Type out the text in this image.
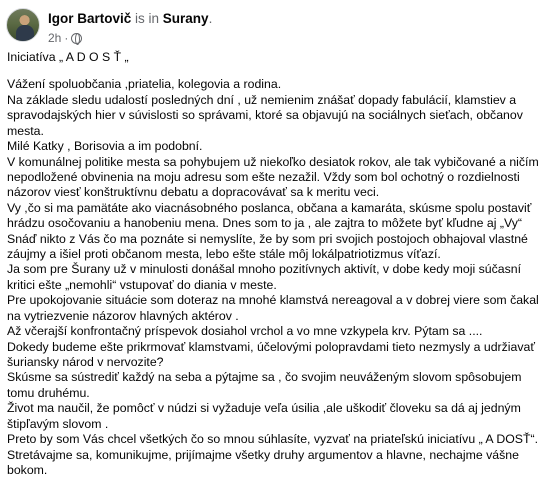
Igor Bartovič is in Surany.
2h ·

Iniciatíva „ A D O S Ť „

Vážení spoluobčania ,priatelia, kolegovia a rodina.

Na základe sledu udalostí posledných dní , už nemienim znášať dopady fabulácií, klamstiev a spravodajských hier v súvislosti so správami, ktoré sa objavujú na sociálnych sieťach, občanov mesta.

Milé Katky , Borisovia a im podobní.

V komunálnej politike mesta sa pohybujem už niekoľko desiatok rokov, ale tak vybičované a ničím nepodložené obvinenia na moju adresu som ešte nezažil. Vždy som bol ochotný o rozdielnosti názorov viesť konštruktívnu debatu a dopracovávať sa k meritu veci.

Vy ,čo si ma pamätáte ako viacnásobného poslanca, občana a kamaráta, skúsme spolu postaviť hrádzu osočovaniu a hanobeniu mena. Dnes som to ja , ale zajtra to môžete byť kľudne aj „Vy“ Snáď nikto z Vás čo ma poznáte si nemyslíte, že by som pri svojich postojoch obhajoval vlastné záujmy a išiel proti občanom mesta, lebo ešte stále môj lokálpatriotizmus víťazí.

Ja som pre Šurany už v minulosti donášal mnoho pozitívnych aktivít, v dobe kedy moji súčasní kritici ešte „nemohli“ vstupovať do diania v meste.

Pre upokojovanie situácie som doteraz na mnohé klamstvá nereagoval a v dobrej viere som čakal na vytriezvenie názorov hlavných aktérov .

Až včerajší konfrontačný príspevok dosiahol vrchol a vo mne vzkypela krv. Pýtam sa ....

Dokedy budeme ešte prikrmovať klamstvami, účelovými polopravdami tieto nezmysly a udržiavať šuriansky národ v nervozite?

Skúsme sa sústrediť každý na seba a pýtajme sa , čo svojim neuváženým slovom spôsobujem tomu druhému.

Život ma naučil, že pomôcť v núdzi si vyžaduje veľa úsilia ,ale uškodiť človeku sa dá aj jedným štipľavým slovom .

Preto by som Vás chcel všetkých čo so mnou súhlasíte, vyzvať na priateľskú iniciatívu „ A DOSŤ“.

Stretávajme sa, komunikujme, prijímajme všetky druhy argumentov a hlavne, nechajme vášne bokom.
